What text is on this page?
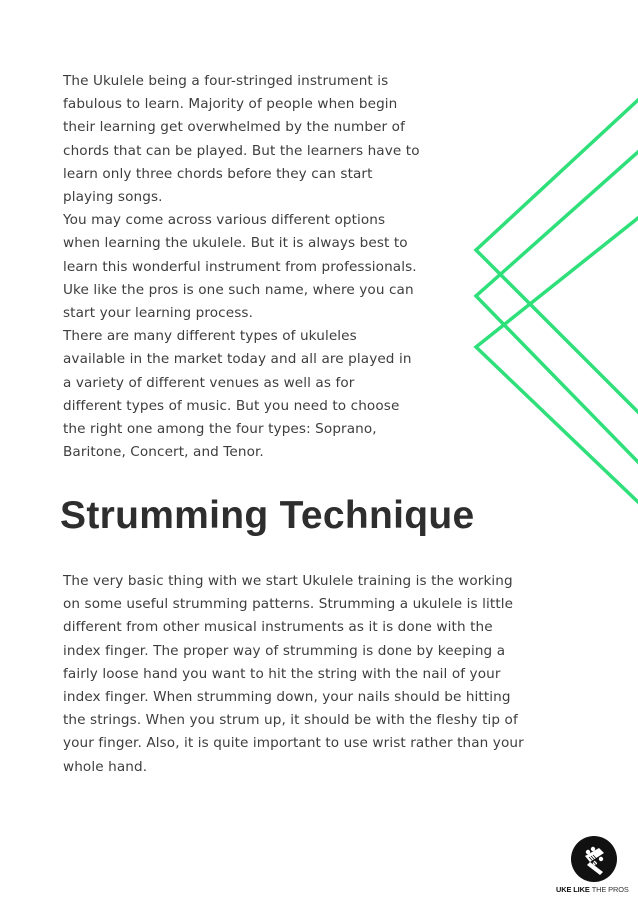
The Ukulele being a four-stringed instrument is
fabulous to learn. Majority of people when begin
their learning get overwhelmed by the number of
chords that can be played. But the learners have to
learn only three chords before they can start
playing songs.

You may come across various different options
when learning the ukulele. But it is always best to
learn this wonderful instrument from professionals.
Uke like the pros is one such name, where you can
start your learning process.

There are many different types of ukuleles
available in the market today and all are played in
a variety of different venues as well as for
different types of music. But you need to choose
the right one among the four types: Soprano,
Baritone, Concert, and Tenor.

Strumming Technique

The very basic thing with we start Ukulele training is the working
on some useful strumming patterns. Strumming a ukulele is little
different from other musical instruments as it is done with the
index finger. The proper way of strumming is done by keeping a
fairly loose hand you want to hit the string with the nail of your
index finger. When strumming down, your nails should be hitting
the strings. When you strum up, it should be with the fleshy tip of
your finger. Also, it is quite important to use wrist rather than your
whole hand.

UKE LIKE THE PROS
